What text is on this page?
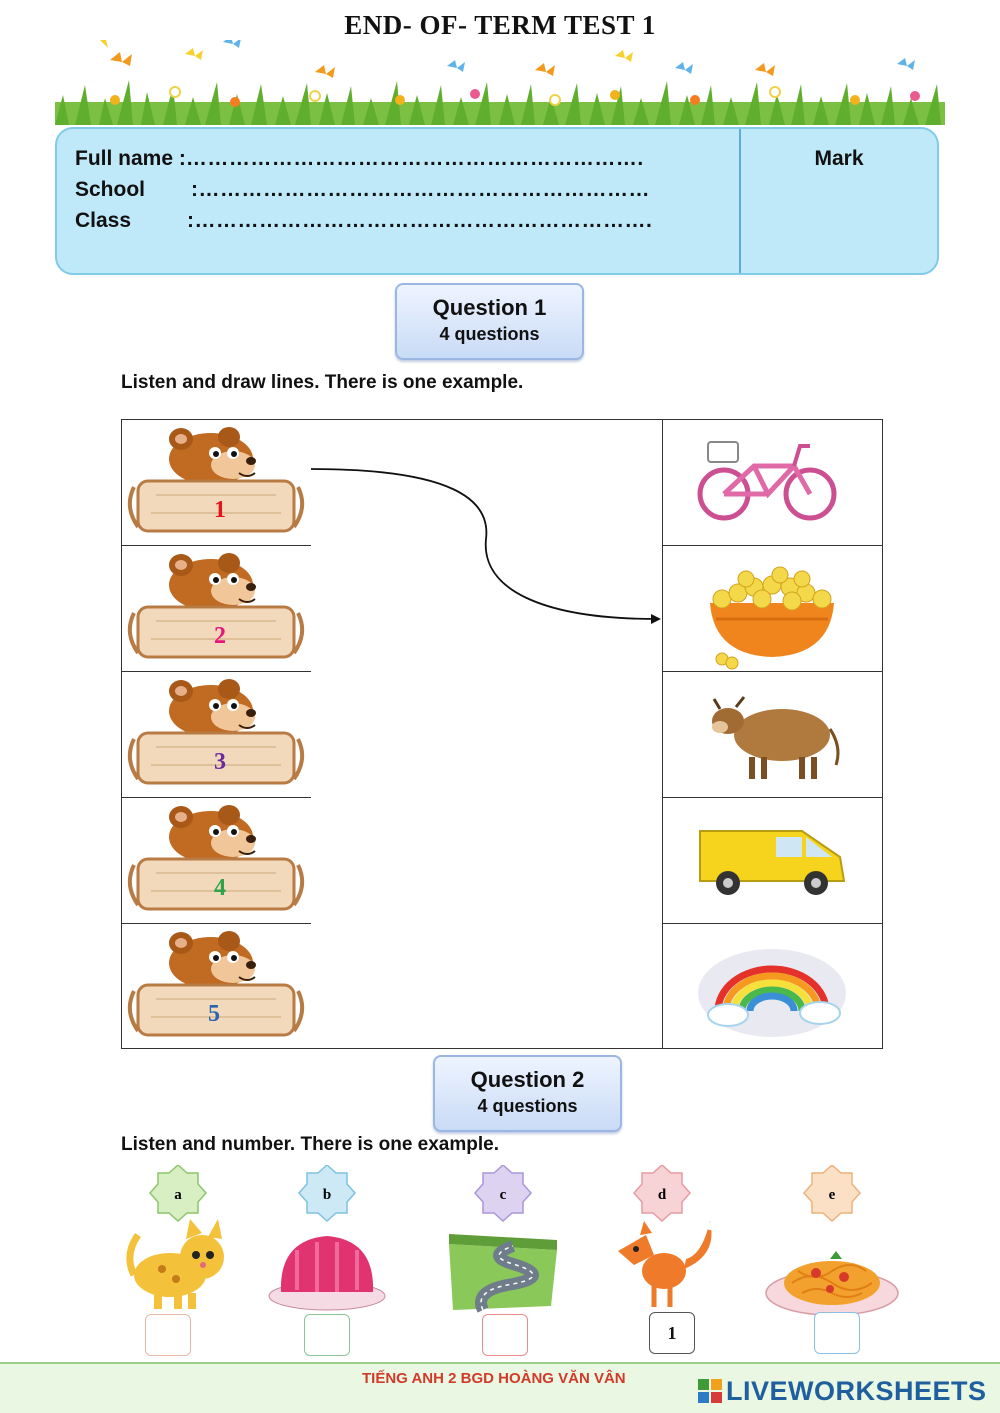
END- OF- TERM TEST 1
Full name :……………………………………………………….
School :………………………………………………………
Class	:……………………………………………………….
Mark
Question 1
4 questions
Listen and draw lines. There is one example.
1
2
3
4
5
Question 2
4 questions
Listen and number. There is one example.
a	b	c	d	e
1
TIẾNG ANH 2 BGD HOÀNG VĂN VÂN	LIVEWORKSHEETS
